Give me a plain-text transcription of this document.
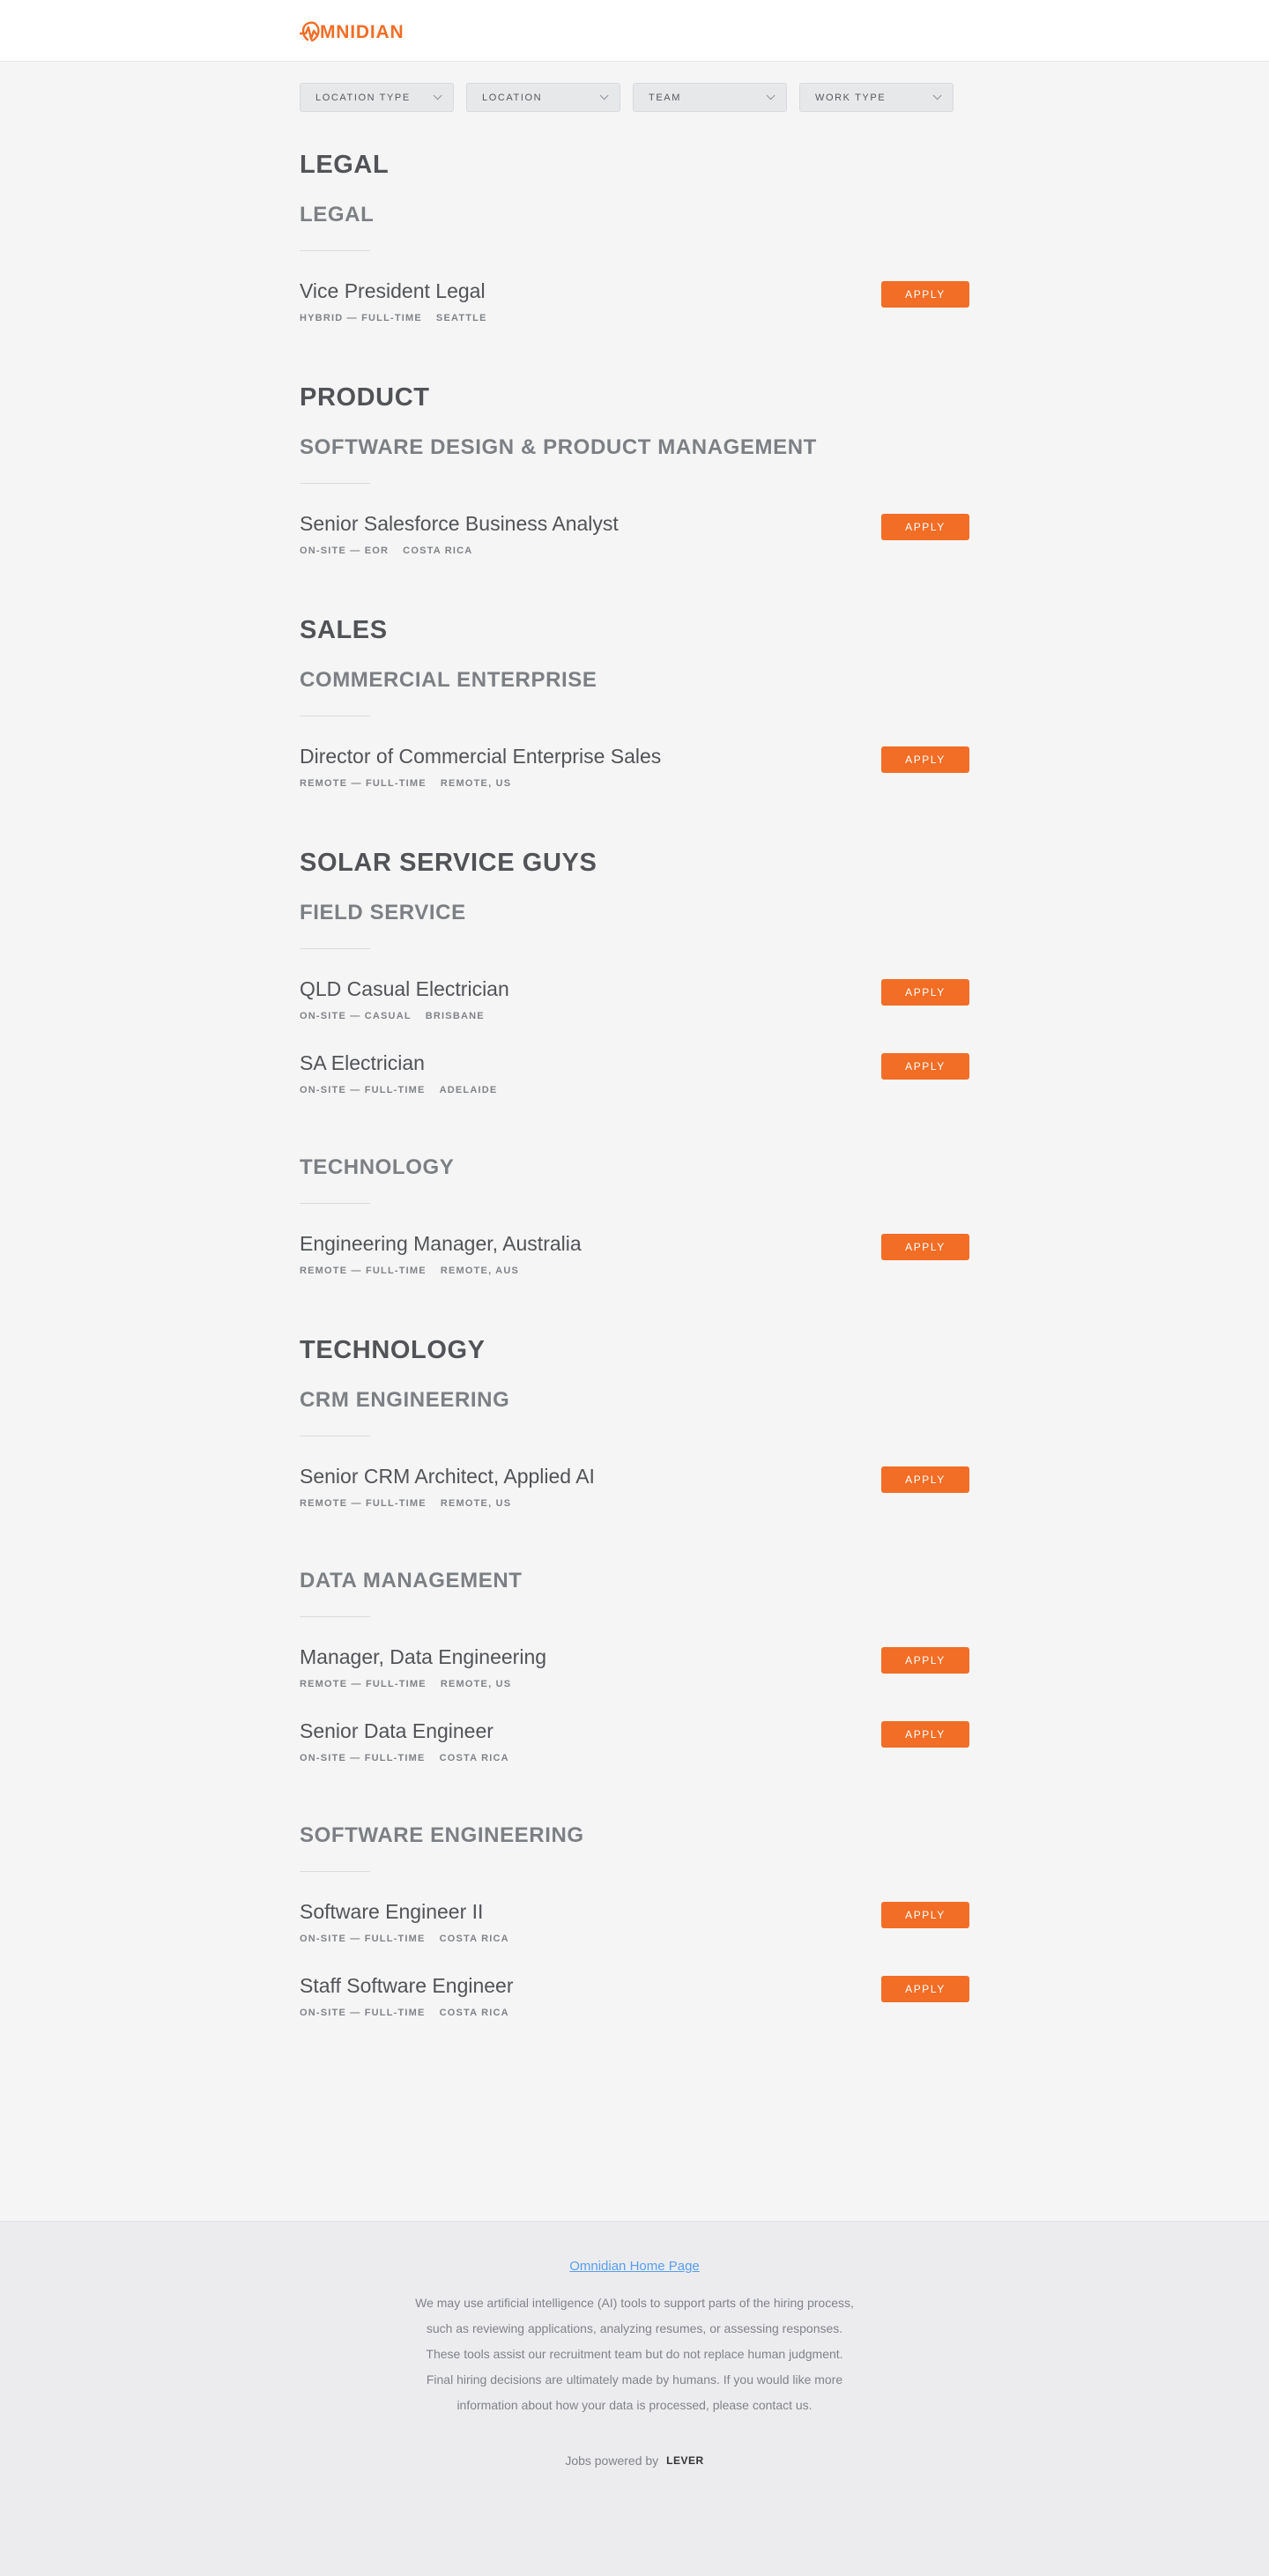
MNIDIAN
LOCATION TYPE	LOCATION	TEAM	WORK TYPE
LEGAL
LEGAL
Vice President Legal
HYBRID — FULL-TIME SEATTLE
APPLY
PRODUCT
SOFTWARE DESIGN & PRODUCT MANAGEMENT
Senior Salesforce Business Analyst
ON-SITE — EOR COSTA RICA
APPLY
SALES
COMMERCIAL ENTERPRISE
Director of Commercial Enterprise Sales
REMOTE — FULL-TIME REMOTE, US
APPLY
SOLAR SERVICE GUYS
FIELD SERVICE
QLD Casual Electrician
ON-SITE — CASUAL BRISBANE
APPLY
SA Electrician
ON-SITE — FULL-TIME ADELAIDE
APPLY
TECHNOLOGY
Engineering Manager, Australia
REMOTE — FULL-TIME REMOTE, AUS
APPLY
TECHNOLOGY
CRM ENGINEERING
Senior CRM Architect, Applied AI
REMOTE — FULL-TIME REMOTE, US
APPLY
DATA MANAGEMENT
Manager, Data Engineering
REMOTE — FULL-TIME REMOTE, US
APPLY
Senior Data Engineer
ON-SITE — FULL-TIME COSTA RICA
APPLY
SOFTWARE ENGINEERING
Software Engineer II
ON-SITE — FULL-TIME COSTA RICA
APPLY
Staff Software Engineer
ON-SITE — FULL-TIME COSTA RICA
APPLY
Omnidian Home Page

We may use artificial intelligence (AI) tools to support parts of the hiring process, such as reviewing applications, analyzing resumes, or assessing responses. These tools assist our recruitment team but do not replace human judgment. Final hiring decisions are ultimately made by humans. If you would like more information about how your data is processed, please contact us.

Jobs powered by LEVER
